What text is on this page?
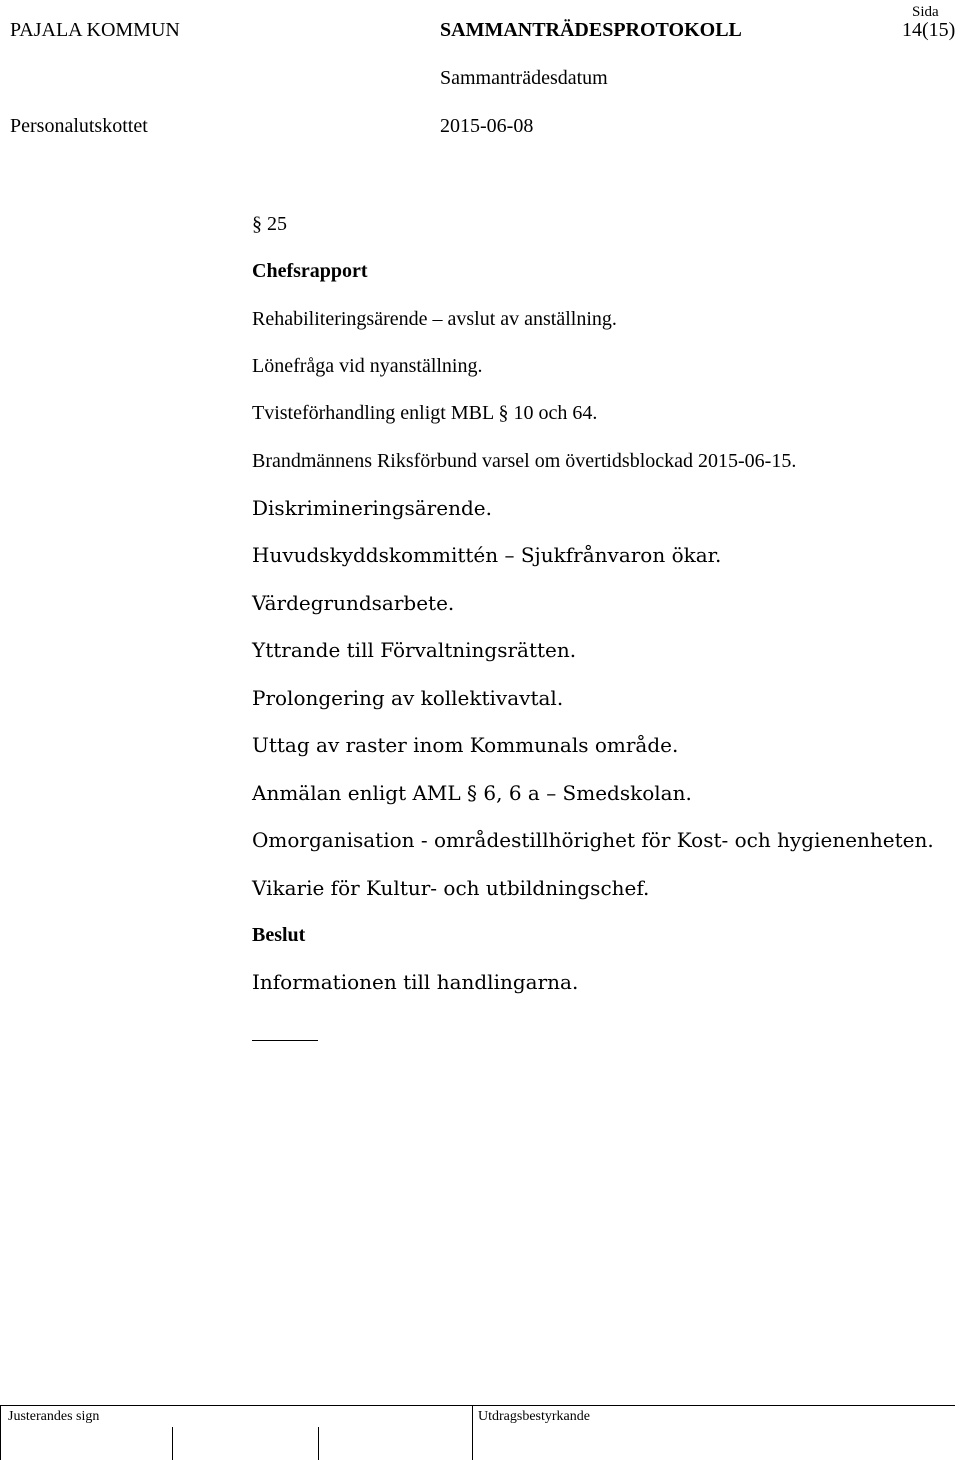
PAJALA KOMMUN	SAMMANTRÄDESPROTOKOLL
Sida
14(15)
Sammanträdesdatum
Personalutskottet	2015-06-08
§ 25
Chefsrapport
Rehabiliteringsärende – avslut av anställning.
Lönefråga vid nyanställning.
Tvisteförhandling enligt MBL § 10 och 64.
Brandmännens Riksförbund varsel om övertidsblockad 2015-06-15.
Diskrimineringsärende.
Huvudskyddskommittén – Sjukfrånvaron ökar.
Värdegrundsarbete.
Yttrande till Förvaltningsrätten.
Prolongering av kollektivavtal.
Uttag av raster inom Kommunals område.
Anmälan enligt AML § 6, 6 a – Smedskolan.
Omorganisation - områdestillhörighet för Kost- och hygienenheten.
Vikarie för Kultur- och utbildningschef.
Beslut
Informationen till handlingarna.
Justerandes sign	Utdragsbestyrkande
